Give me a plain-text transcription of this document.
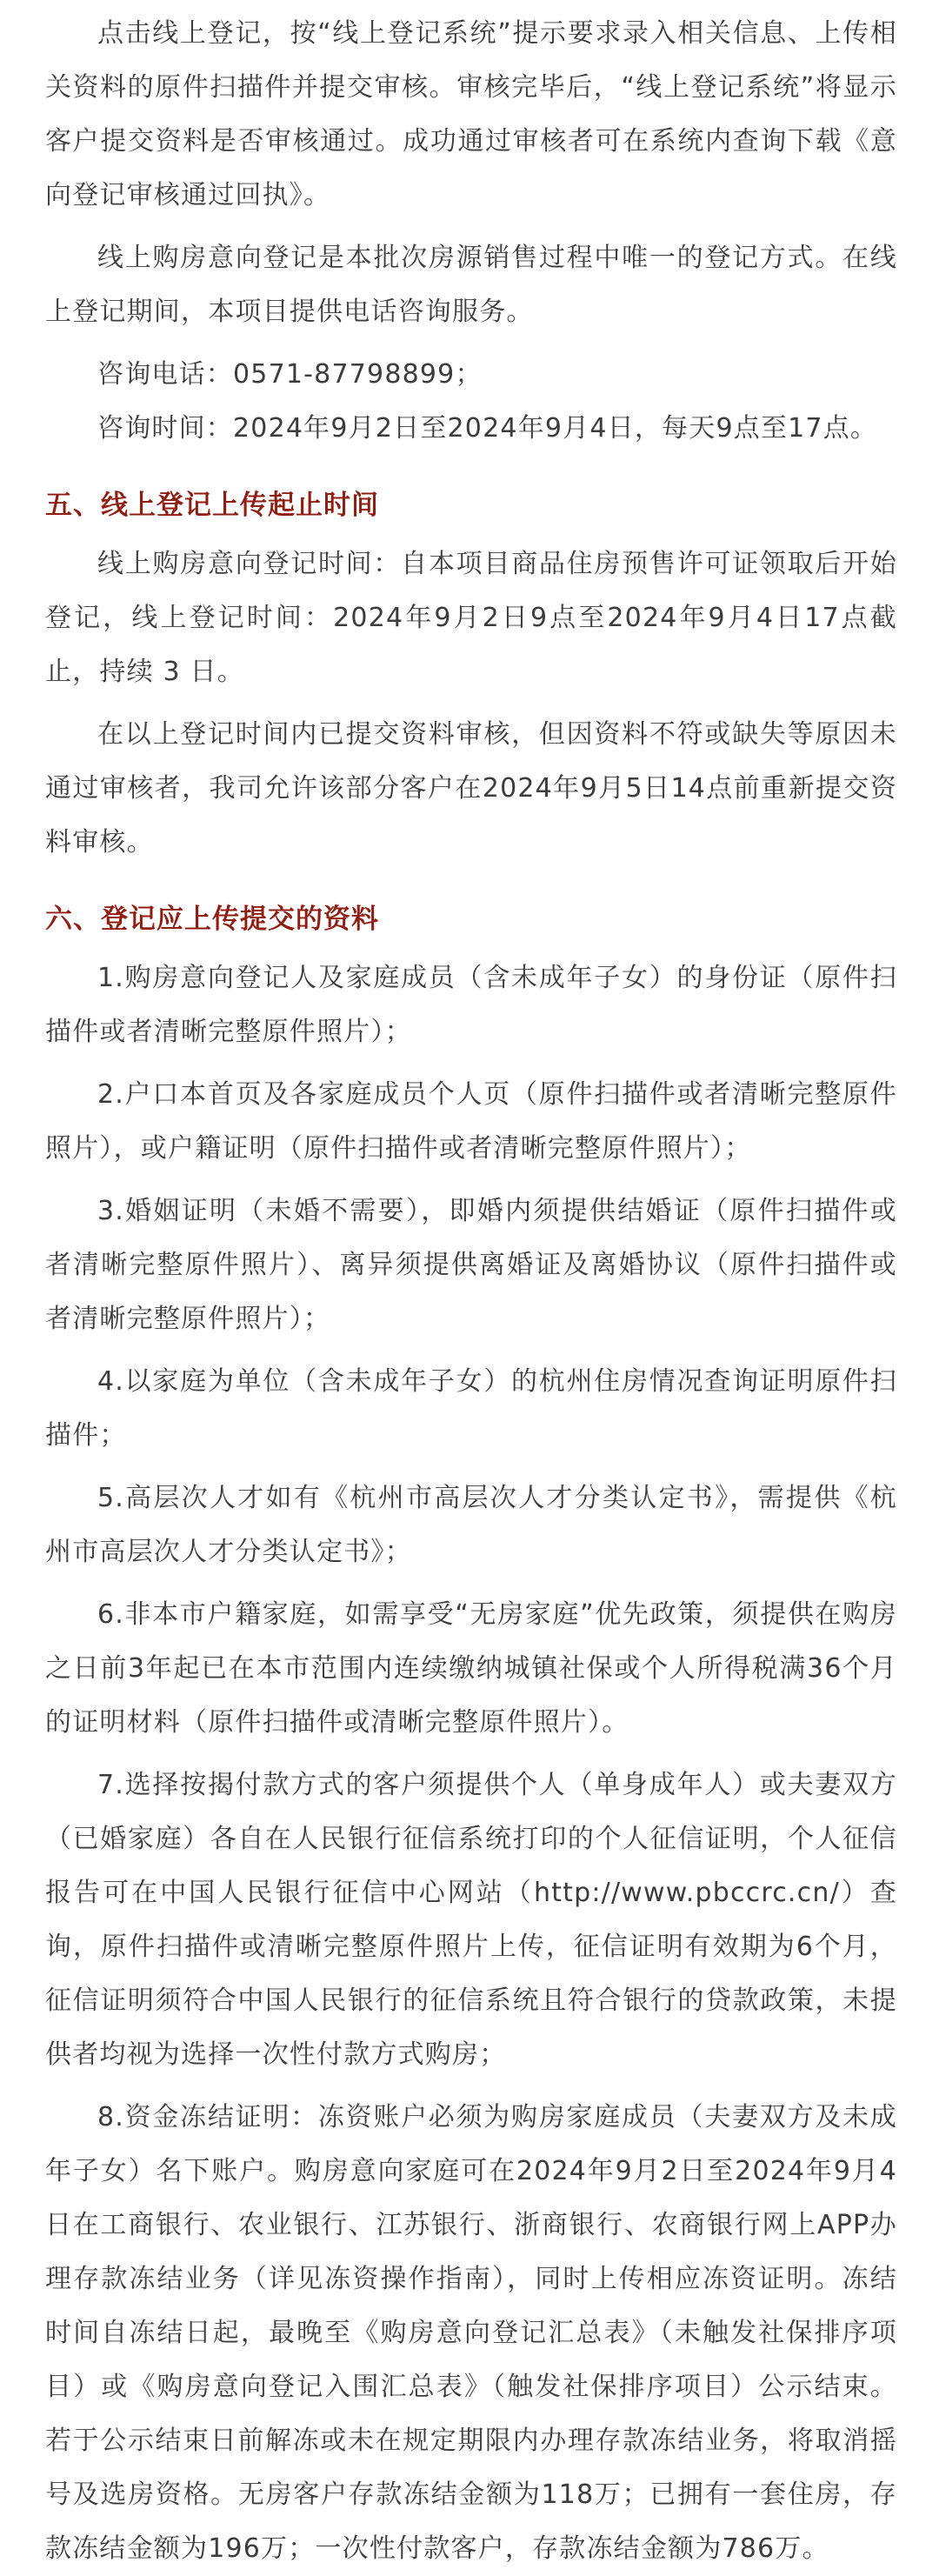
点击线上登记，按“线上登记系统”提示要求录入相关信息、上传相关资料的原件扫描件并提交审核。审核完毕后，“线上登记系统”将显示客户提交资料是否审核通过。成功通过审核者可在系统内查询下载《意向登记审核通过回执》。

线上购房意向登记是本批次房源销售过程中唯一的登记方式。在线上登记期间，本项目提供电话咨询服务。

咨询电话：0571-87798899；

咨询时间：2024年9月2日至2024年9月4日，每天9点至17点。

五、线上登记上传起止时间

线上购房意向登记时间：自本项目商品住房预售许可证领取后开始登记，线上登记时间：2024年9月2日9点至2024年9月4日17点截止，持续 3 日。

在以上登记时间内已提交资料审核，但因资料不符或缺失等原因未通过审核者，我司允许该部分客户在2024年9月5日14点前重新提交资料审核。

六、登记应上传提交的资料

1.购房意向登记人及家庭成员（含未成年子女）的身份证（原件扫描件或者清晰完整原件照片）；

2.户口本首页及各家庭成员个人页（原件扫描件或者清晰完整原件照片），或户籍证明（原件扫描件或者清晰完整原件照片）；

3.婚姻证明（未婚不需要），即婚内须提供结婚证（原件扫描件或者清晰完整原件照片）、离异须提供离婚证及离婚协议（原件扫描件或者清晰完整原件照片）；

4.以家庭为单位（含未成年子女）的杭州住房情况查询证明原件扫描件；

5.高层次人才如有《杭州市高层次人才分类认定书》，需提供《杭州市高层次人才分类认定书》；

6.非本市户籍家庭，如需享受“无房家庭”优先政策，须提供在购房之日前3年起已在本市范围内连续缴纳城镇社保或个人所得税满36个月的证明材料（原件扫描件或清晰完整原件照片）。

7.选择按揭付款方式的客户须提供个人（单身成年人）或夫妻双方（已婚家庭）各自在人民银行征信系统打印的个人征信证明，个人征信报告可在中国人民银行征信中心网站（http://www.pbccrc.cn/）查询，原件扫描件或清晰完整原件照片上传，征信证明有效期为6个月，征信证明须符合中国人民银行的征信系统且符合银行的贷款政策，未提供者均视为选择一次性付款方式购房；

8.资金冻结证明：冻资账户必须为购房家庭成员（夫妻双方及未成年子女）名下账户。购房意向家庭可在2024年9月2日至2024年9月4日在工商银行、农业银行、江苏银行、浙商银行、农商银行网上APP办理存款冻结业务（详见冻资操作指南），同时上传相应冻资证明。冻结时间自冻结日起，最晚至《购房意向登记汇总表》（未触发社保排序项目）或《购房意向登记入围汇总表》（触发社保排序项目）公示结束。若于公示结束日前解冻或未在规定期限内办理存款冻结业务，将取消摇号及选房资格。无房客户存款冻结金额为118万；已拥有一套住房，存款冻结金额为196万；一次性付款客户，存款冻结金额为786万。
